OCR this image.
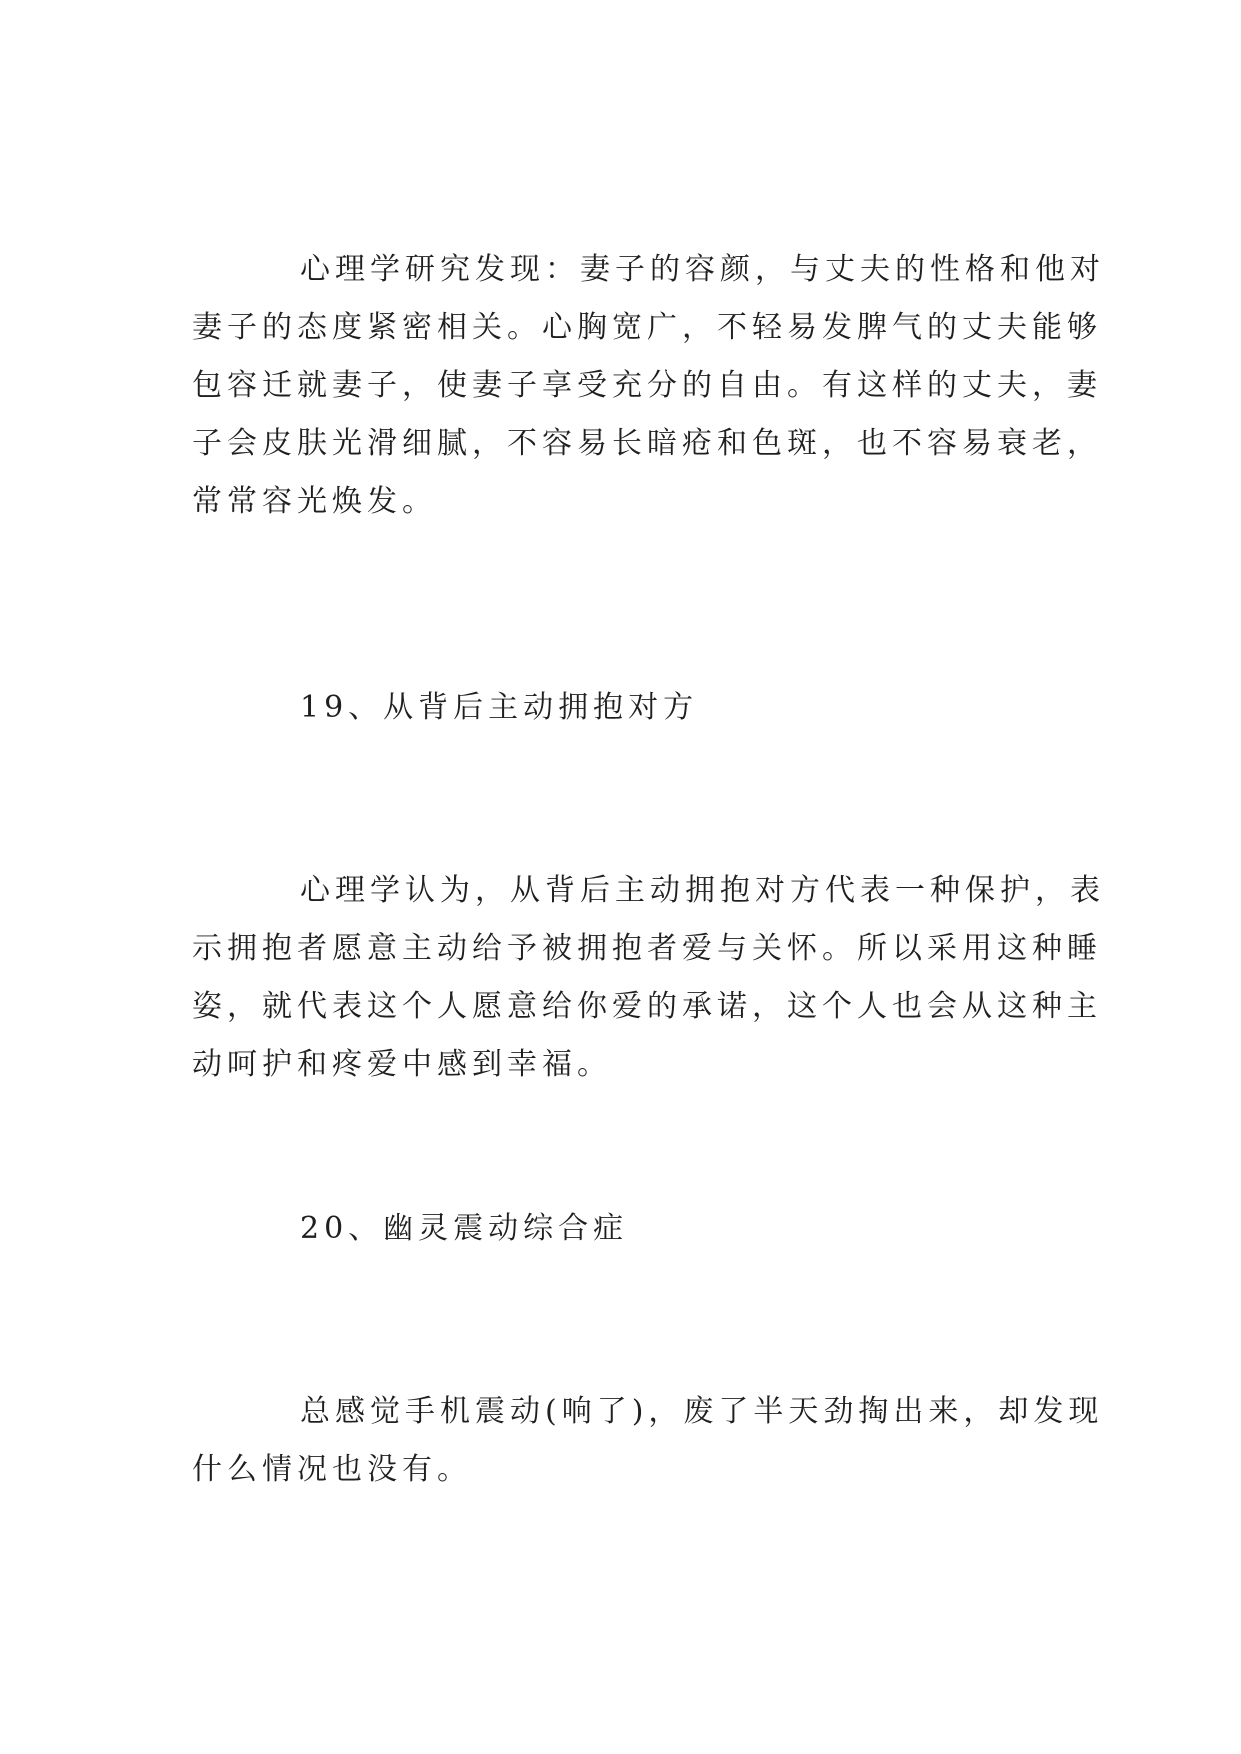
心理学研究发现：妻子的容颜，与丈夫的性格和他对
妻子的态度紧密相关。心胸宽广，不轻易发脾气的丈夫能够
包容迁就妻子，使妻子享受充分的自由。有这样的丈夫，妻
子会皮肤光滑细腻，不容易长暗疮和色斑，也不容易衰老，
常常容光焕发。
19、从背后主动拥抱对方
心理学认为，从背后主动拥抱对方代表一种保护，表
示拥抱者愿意主动给予被拥抱者爱与关怀。所以采用这种睡
姿，就代表这个人愿意给你爱的承诺，这个人也会从这种主
动呵护和疼爱中感到幸福。
20、幽灵震动综合症
总感觉手机震动(响了)，废了半天劲掏出来，却发现
什么情况也没有。
